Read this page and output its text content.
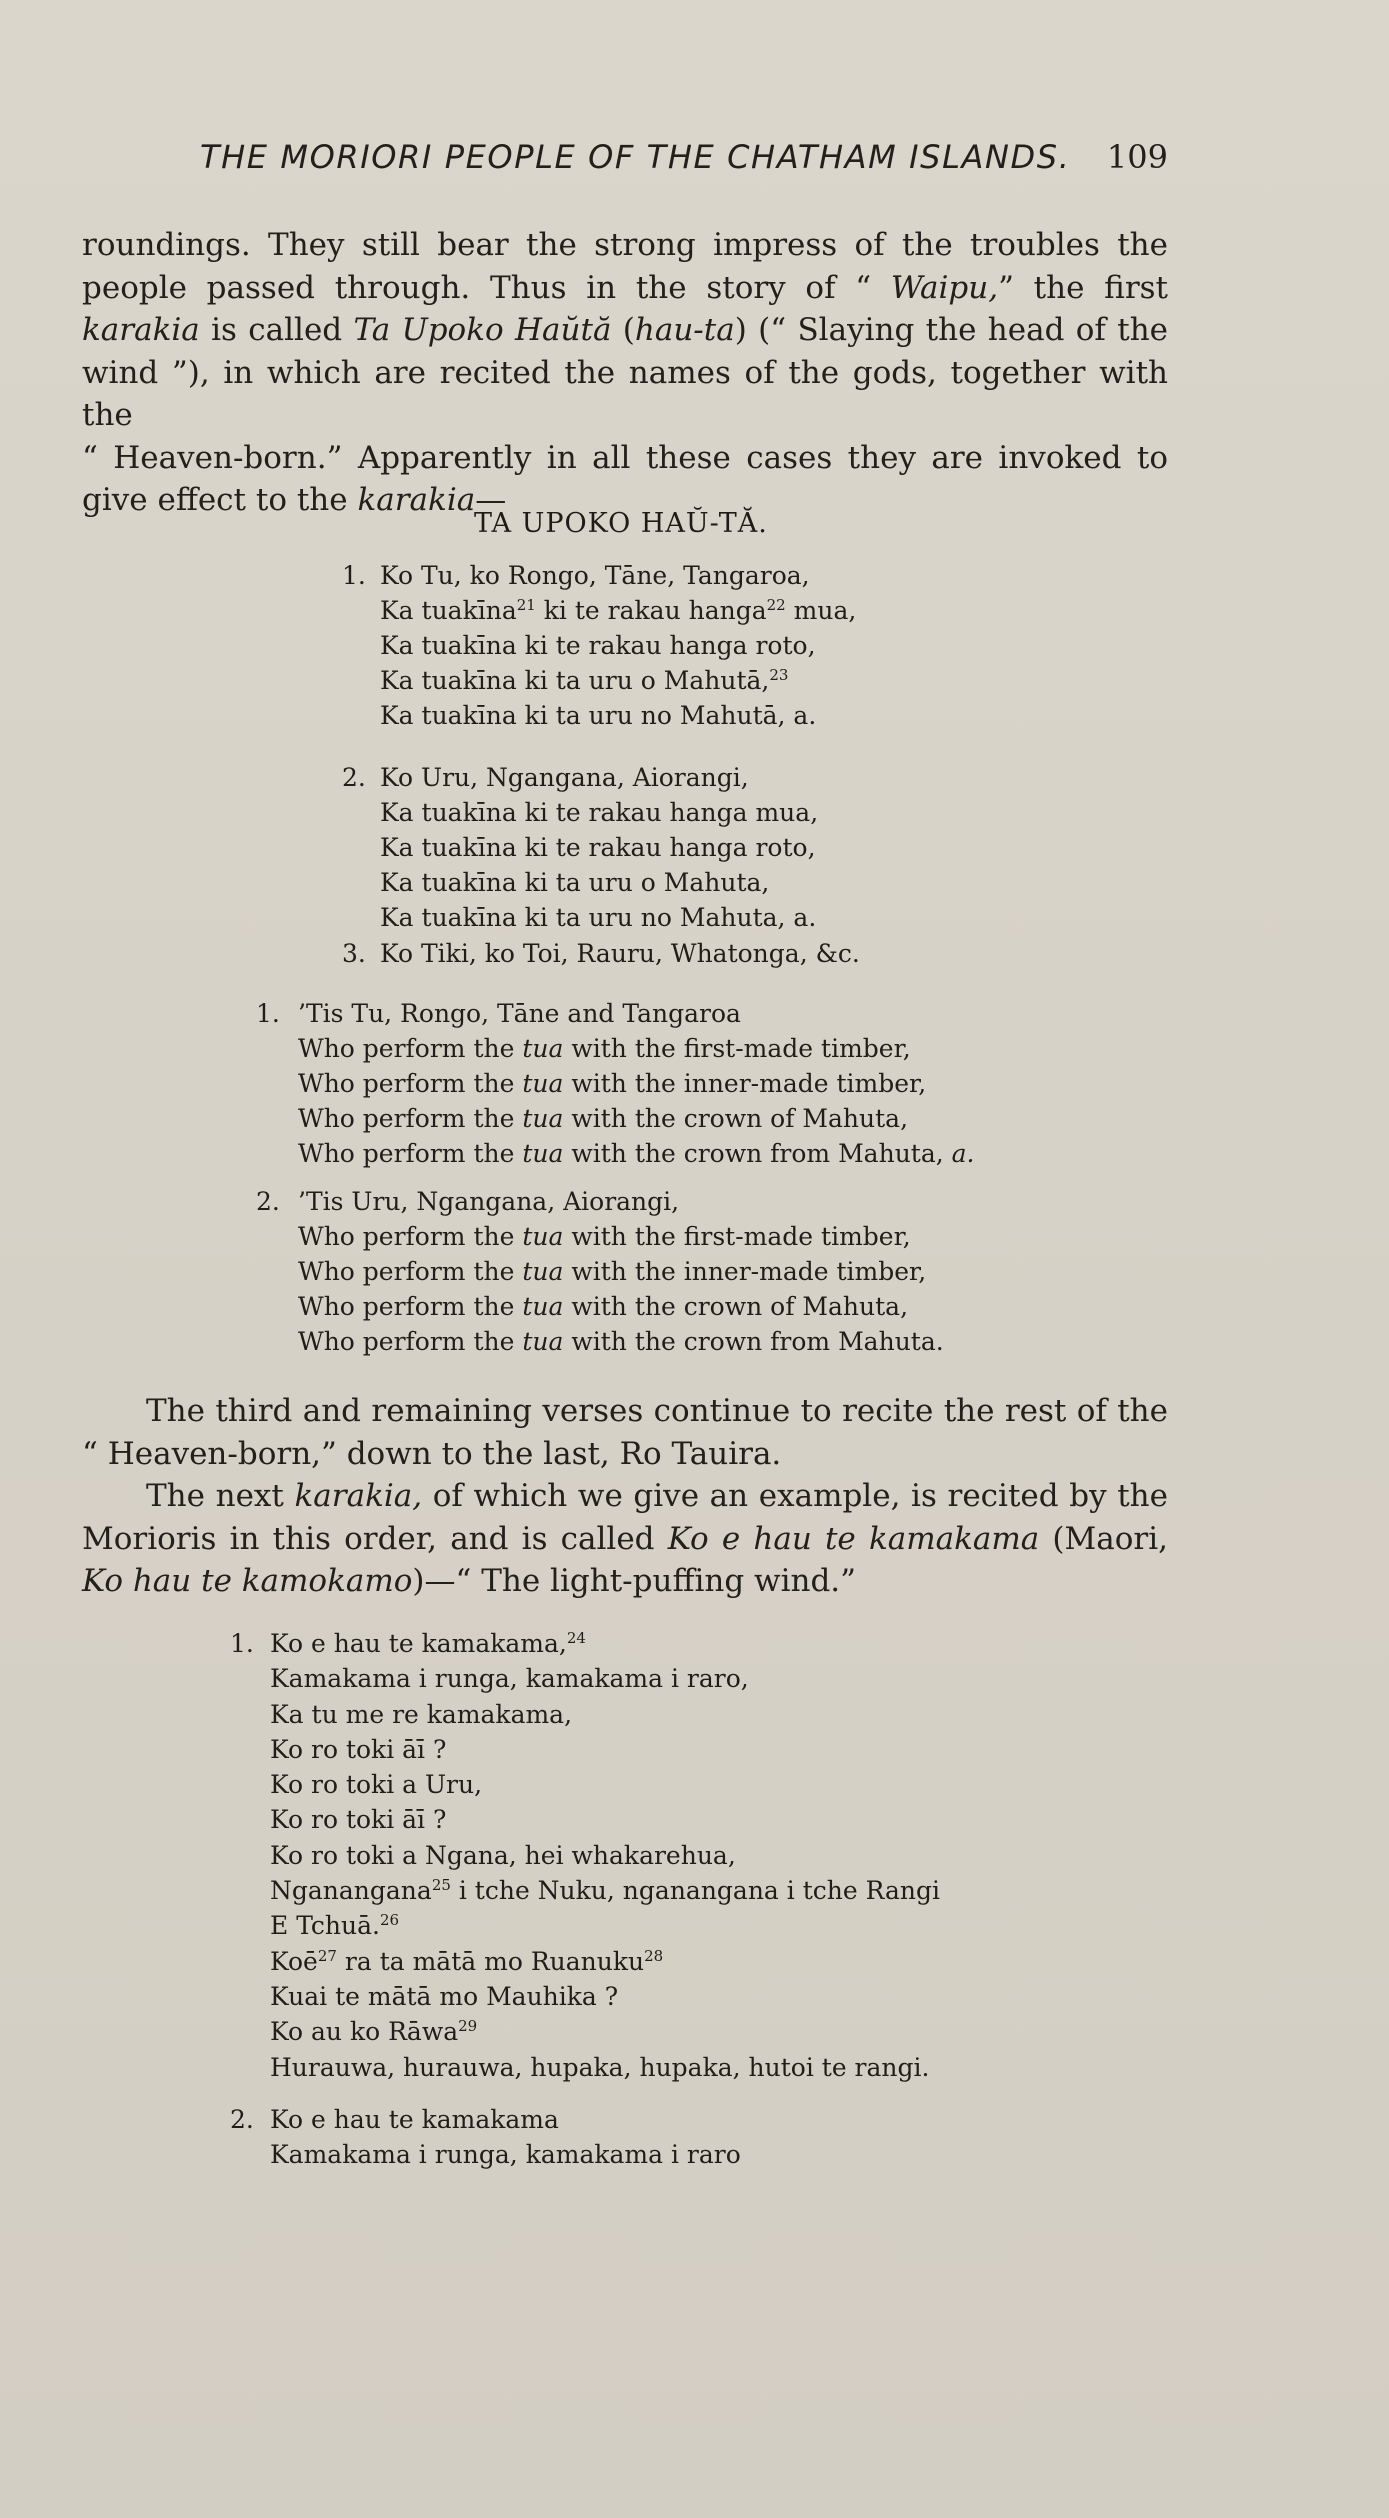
THE MORIORI PEOPLE OF THE CHATHAM ISLANDS. 109

roundings. They still bear the strong impress of the troubles the

people passed through. Thus in the story of “ Waipu,” the first

karakia is called Ta Upoko Haŭtă (hau-ta) (“ Slaying the head of the

wind ”), in which are recited the names of the gods, together with the

“ Heaven-born.” Apparently in all these cases they are invoked to

give effect to the karakia—

TA UPOKO HAŬ-TĂ.
1. Ko Tu, ko Rongo, Tāne, Tangaroa,
Ka tuakīna$^{21}$ ki te rakau hanga$^{22}$ mua,
Ka tuakīna ki te rakau hanga roto,
Ka tuakīna ki ta uru o Mahutā,$^{23}$
Ka tuakīna ki ta uru no Mahutā, a.
2. Ko Uru, Ngangana, Aiorangi,
Ka tuakīna ki te rakau hanga mua,
Ka tuakīna ki te rakau hanga roto,
Ka tuakīna ki ta uru o Mahuta,
Ka tuakīna ki ta uru no Mahuta, a.
3. Ko Tiki, ko Toi, Rauru, Whatonga, &c.
1. ’Tis Tu, Rongo, Tāne and Tangaroa
Who perform the tua with the first-made timber,
Who perform the tua with the inner-made timber,
Who perform the tua with the crown of Mahuta,
Who perform the tua with the crown from Mahuta, a.
2. ’Tis Uru, Ngangana, Aiorangi,
Who perform the tua with the first-made timber,
Who perform the tua with the inner-made timber,
Who perform the tua with the crown of Mahuta,
Who perform the tua with the crown from Mahuta.

The third and remaining verses continue to recite the rest of the

“ Heaven-born,” down to the last, Ro Tauira.

The next karakia, of which we give an example, is recited by the

Morioris in this order, and is called Ko e hau te kamakama (Maori,

Ko hau te kamokamo)—“ The light-puffing wind.”

1. Ko e hau te kamakama,$^{24}$
Kamakama i runga, kamakama i raro,
Ka tu me re kamakama,
Ko ro toki āī ?
Ko ro toki a Uru,
Ko ro toki āī ?
Ko ro toki a Ngana, hei whakarehua,
Nganangana$^{25}$ i tche Nuku, nganangana i tche Rangi
E Tchuā.$^{26}$
Koē$^{27}$ ra ta mātā mo Ruanuku$^{28}$
Kuai te mātā mo Mauhika ?
Ko au ko Rāwa$^{29}$
Hurauwa, hurauwa, hupaka, hupaka, hutoi te rangi.
2. Ko e hau te kamakama
Kamakama i runga, kamakama i raro
